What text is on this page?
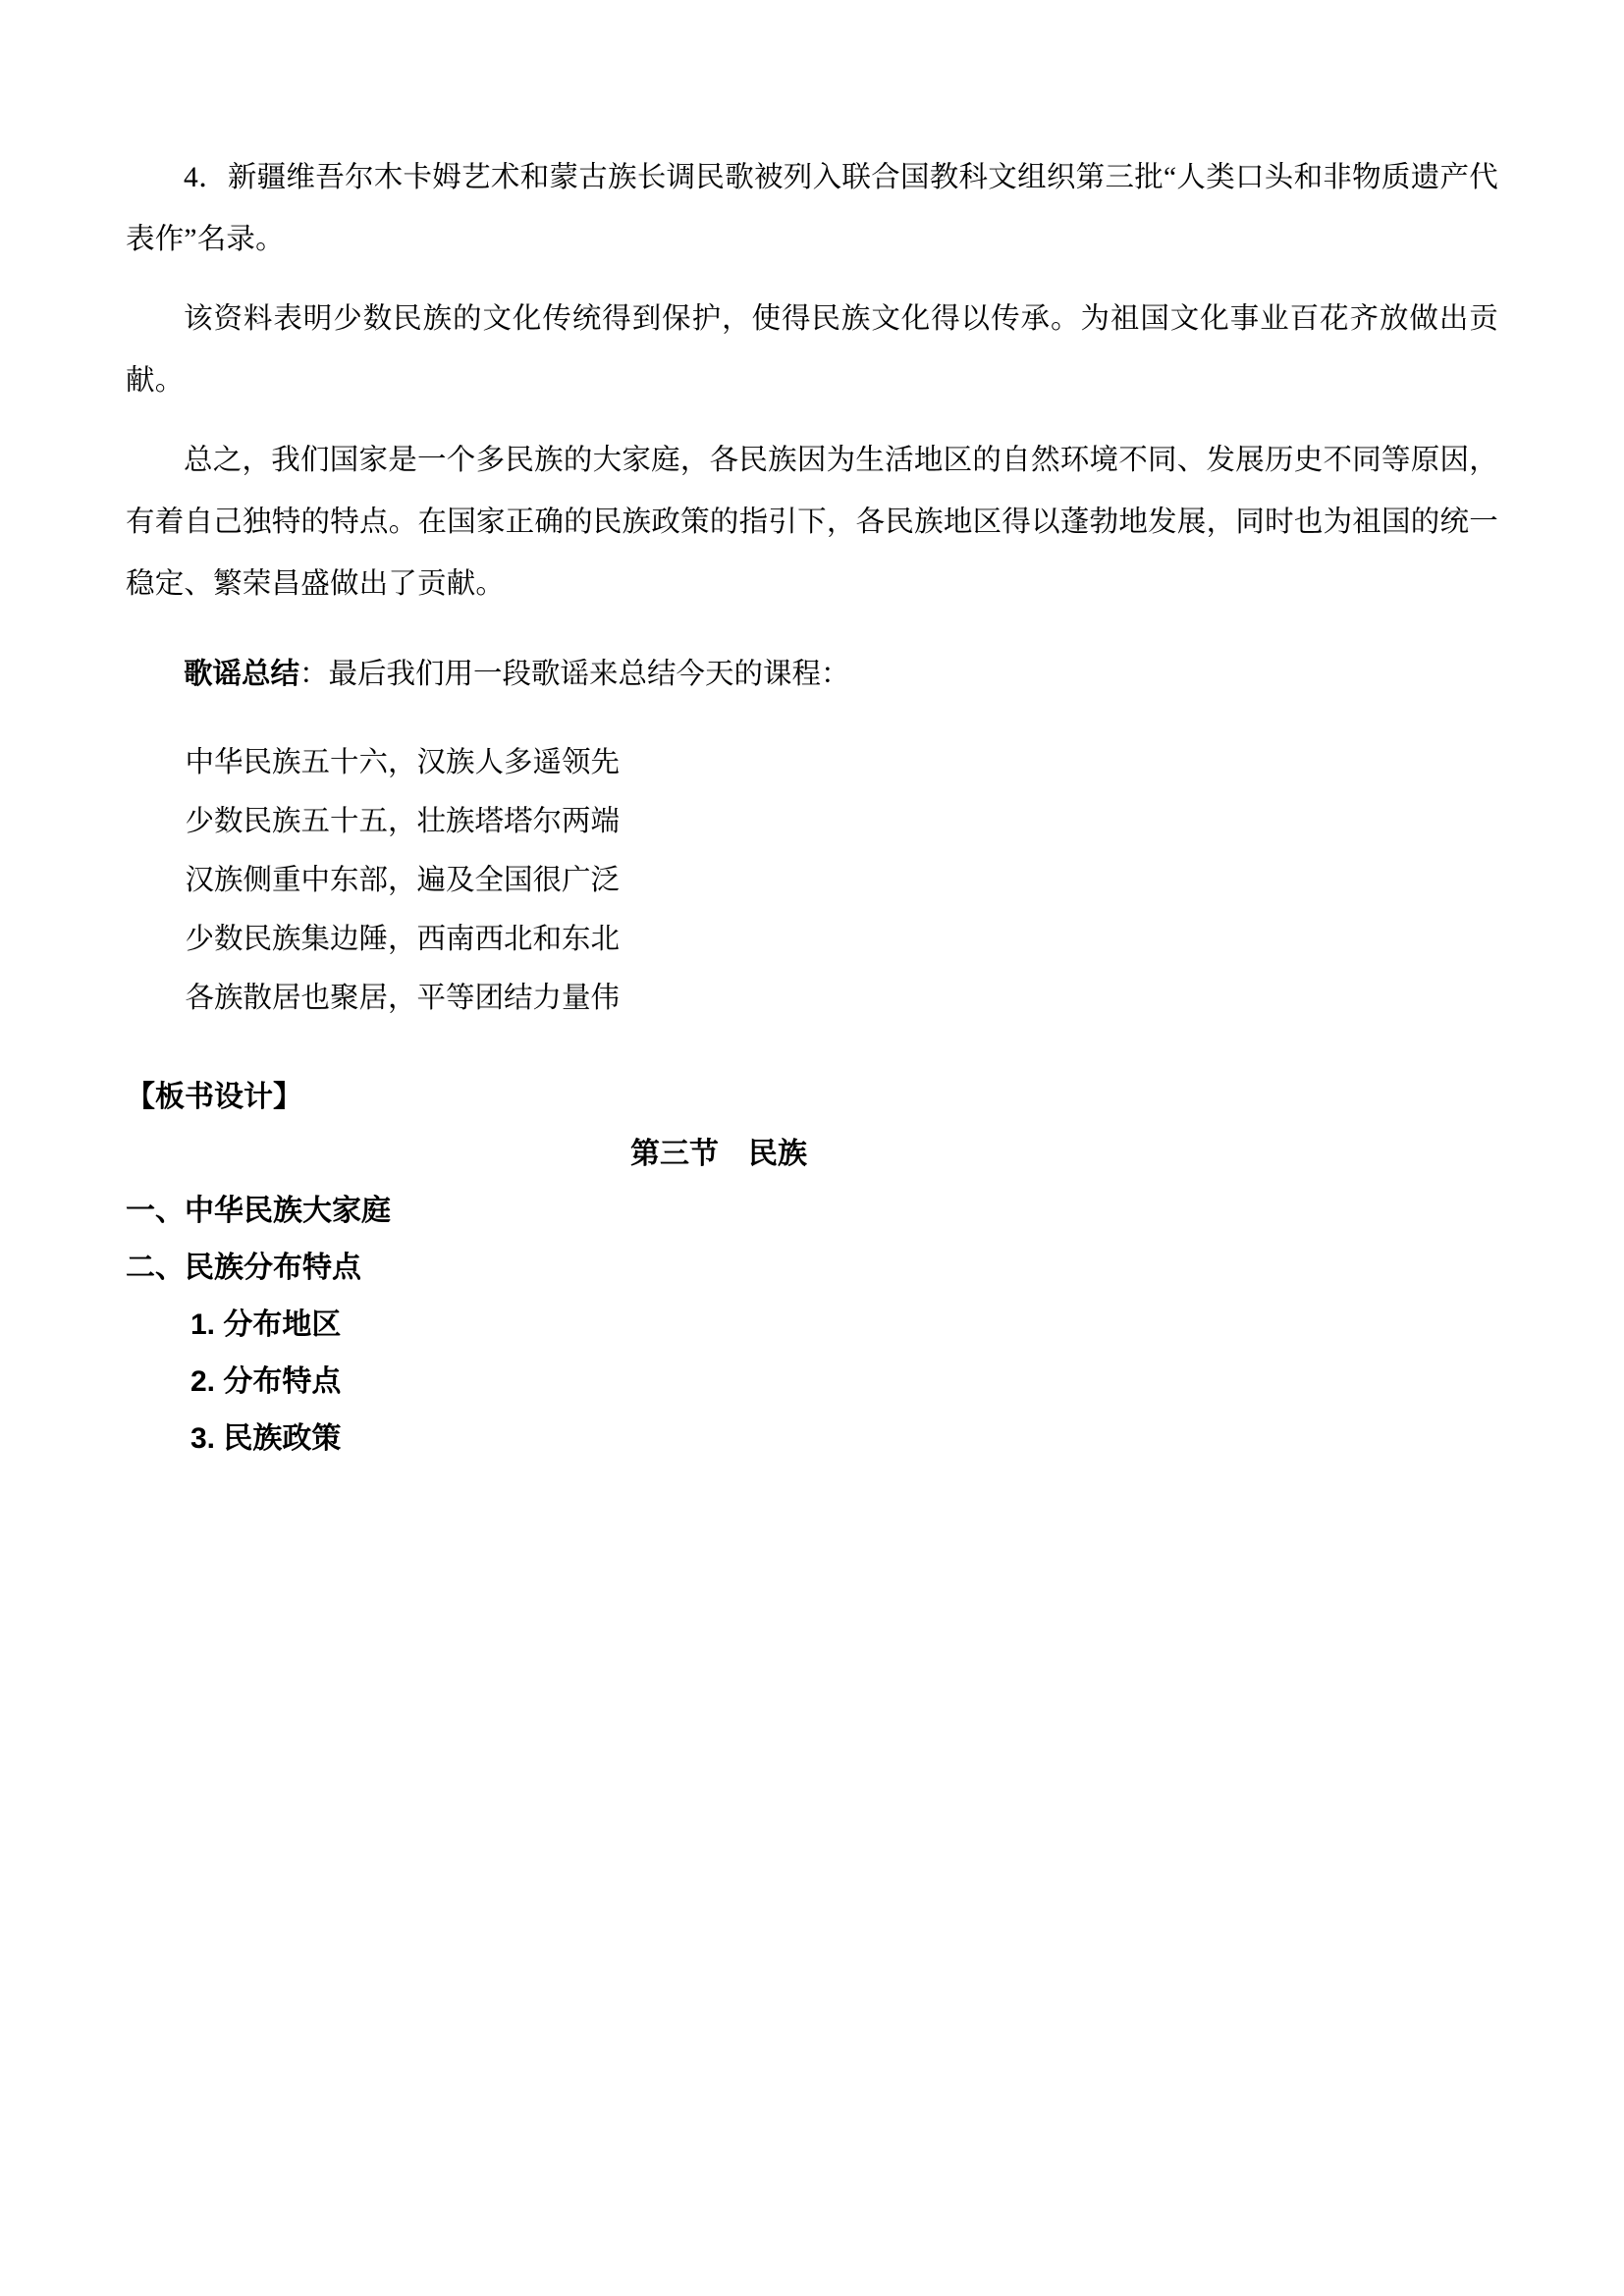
4．新疆维吾尔木卡姆艺术和蒙古族长调民歌被列入联合国教科文组织第三批“人类口头和非物质遗产代表作”名录。

该资料表明少数民族的文化传统得到保护，使得民族文化得以传承。为祖国文化事业百花齐放做出贡献。

总之，我们国家是一个多民族的大家庭，各民族因为生活地区的自然环境不同、发展历史不同等原因，有着自己独特的特点。在国家正确的民族政策的指引下，各民族地区得以蓬勃地发展，同时也为祖国的统一稳定、繁荣昌盛做出了贡献。

歌谣总结：最后我们用一段歌谣来总结今天的课程：

中华民族五十六，汉族人多遥领先
少数民族五十五，壮族塔塔尔两端
汉族侧重中东部，遍及全国很广泛
少数民族集边陲，西南西北和东北
各族散居也聚居，平等团结力量伟

【板书设计】

第三节　民族

一、中华民族大家庭

二、民族分布特点

1. 分布地区

2. 分布特点

3. 民族政策
